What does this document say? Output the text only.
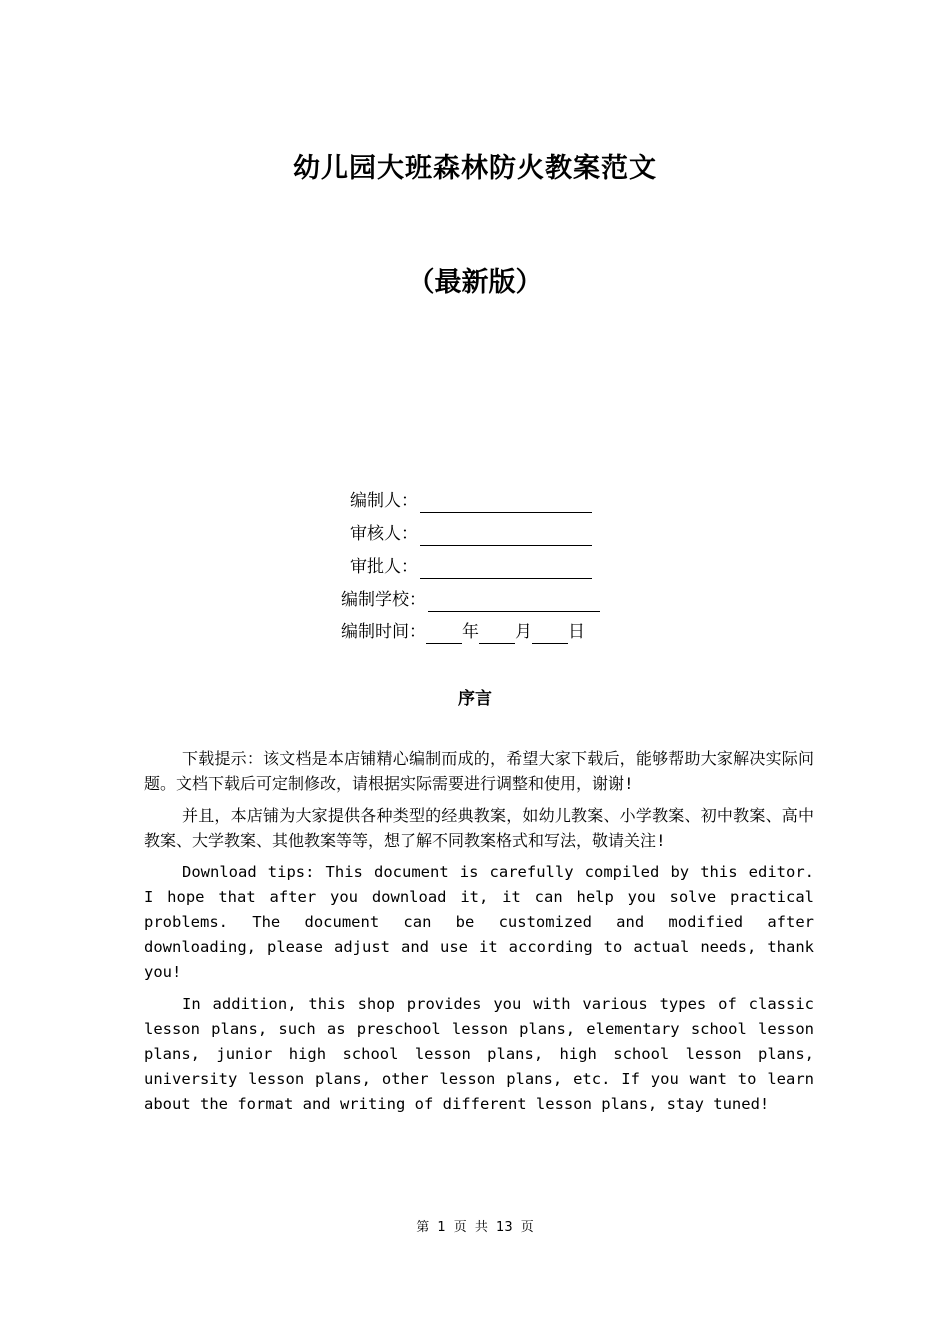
幼儿园大班森林防火教案范文
（最新版）
编制人：
审核人：
审批人：
编制学校：
编制时间： 年 月 日
序言

下载提示：该文档是本店铺精心编制而成的，希望大家下载后，能够帮助大家解决实际问题。文档下载后可定制修改，请根据实际需要进行调整和使用，谢谢!

并且，本店铺为大家提供各种类型的经典教案，如幼儿教案、小学教案、初中教案、高中教案、大学教案、其他教案等等，想了解不同教案格式和写法，敬请关注!

Download tips: This document is carefully compiled by this editor. I hope that after you download it, it can help you solve practical problems. The document can be customized and modified after downloading, please adjust and use it according to actual needs, thank you!

In addition, this shop provides you with various types of classic lesson plans, such as preschool lesson plans, elementary school lesson plans, junior high school lesson plans, high school lesson plans, university lesson plans, other lesson plans, etc. If you want to learn about the format and writing of different lesson plans, stay tuned!

第 1 页 共 13 页
